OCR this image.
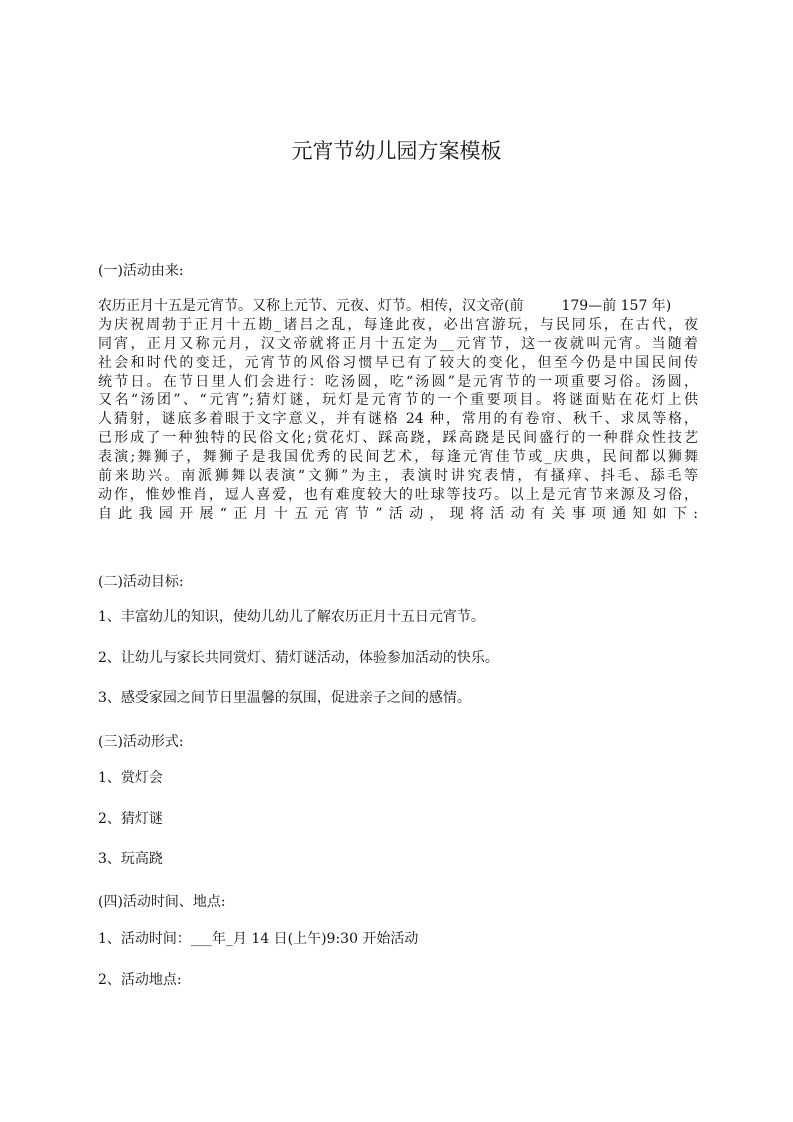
元宵节幼儿园方案模板
(一)活动由来:
农历正月十五是元宵节。又称上元节、元夜、灯节。相传，汉文帝(前	179—前 157 年)
为庆祝周勃于正月十五勘_诸吕之乱，每逢此夜，必出宫游玩，与民同乐，在古代，夜
同宵，正月又称元月，汉文帝就将正月十五定为__元宵节，这一夜就叫元宵。当随着
社会和时代的变迁，元宵节的风俗习惯早已有了较大的变化，但至今仍是中国民间传
统节日。在节日里人们会进行：吃汤圆，吃“汤圆”是元宵节的一项重要习俗。汤圆，
又名“汤团”、“元宵”;猜灯谜，玩灯是元宵节的一个重要项目。将谜面贴在花灯上供
人猜射，谜底多着眼于文字意义，并有谜格 24 种，常用的有卷帘、秋千、求凤等格，
已形成了一种独特的民俗文化;赏花灯、踩高跷，踩高跷是民间盛行的一种群众性技艺
表演;舞狮子，舞狮子是我国优秀的民间艺术，每逢元宵佳节或_庆典，民间都以狮舞
前来助兴。南派狮舞以表演“文狮”为主，表演时讲究表情，有搔痒、抖毛、舔毛等
动作，惟妙惟肖，逗人喜爱，也有难度较大的吐球等技巧。以上是元宵节来源及习俗，
自此我园开展“正月十五元宵节”活动，现将活动有关事项通知如下:
(二)活动目标:
1、丰富幼儿的知识，使幼儿幼儿了解农历正月十五日元宵节。
2、让幼儿与家长共同赏灯、猜灯谜活动，体验参加活动的快乐。
3、感受家园之间节日里温馨的氛围，促进亲子之间的感情。
(三)活动形式:
1、赏灯会
2、猜灯谜
3、玩高跷
(四)活动时间、地点:
1、活动时间：___年_月 14 日(上午)9:30 开始活动
2、活动地点:
